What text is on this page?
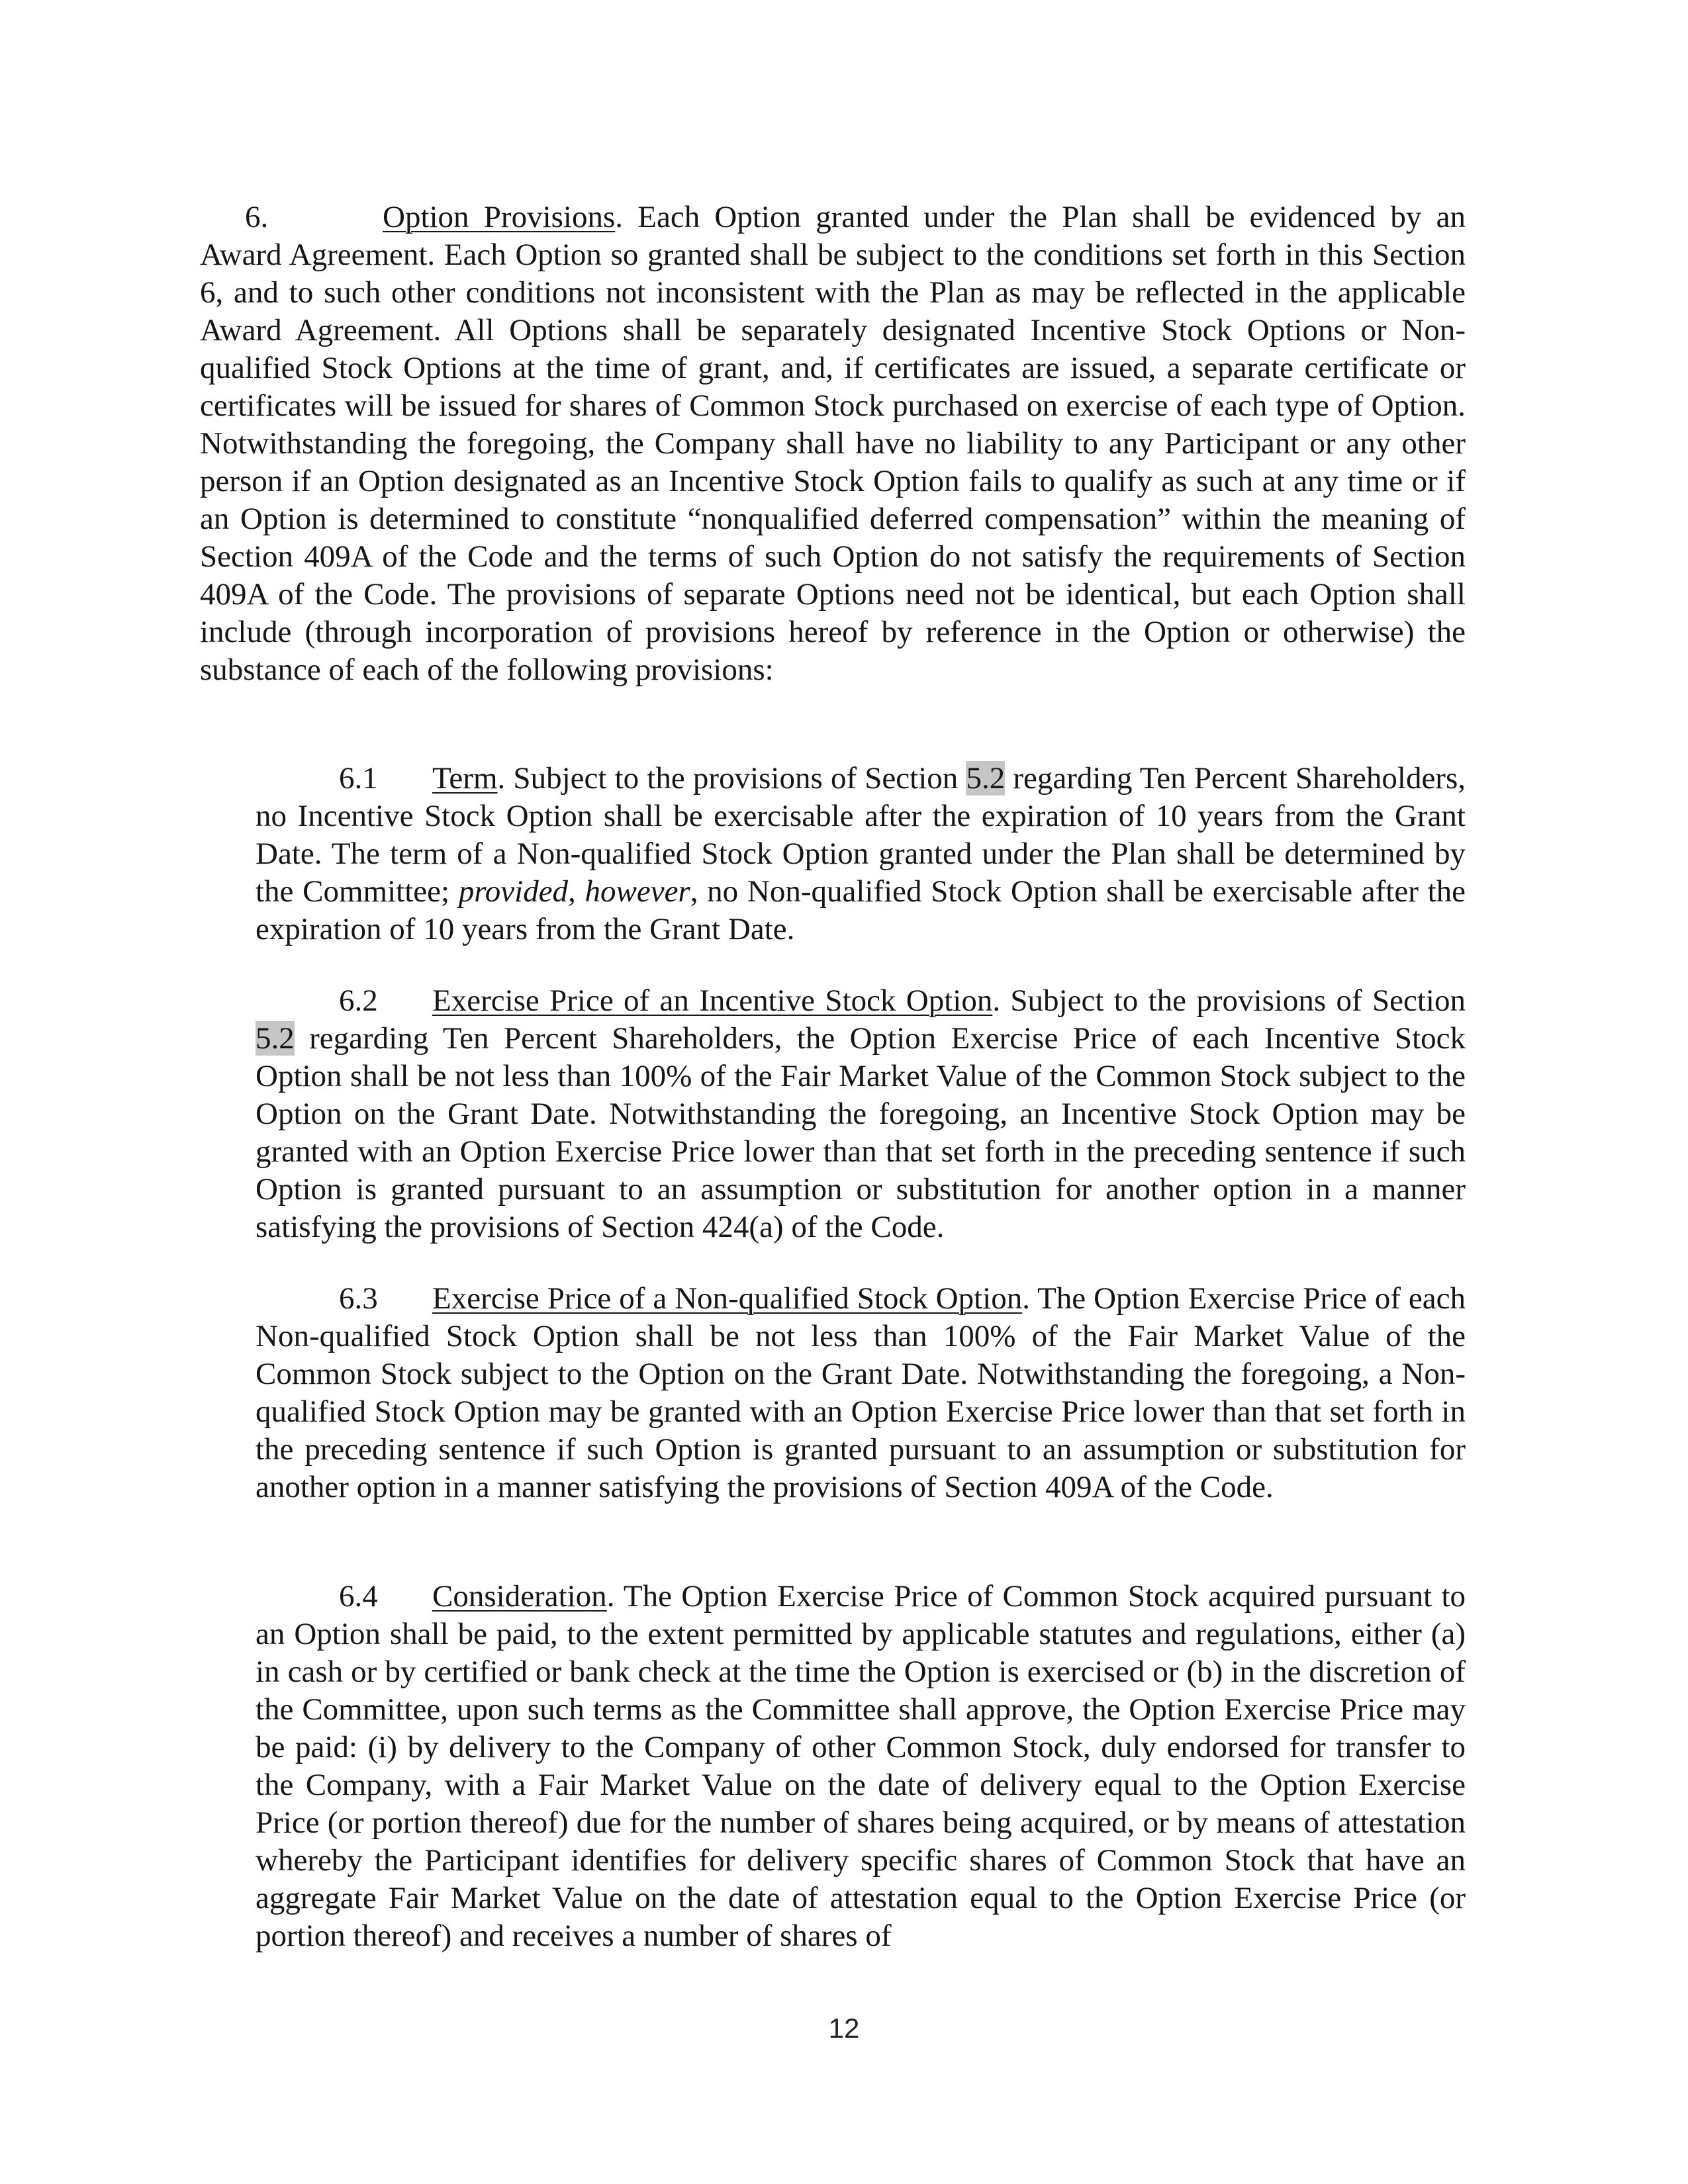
6.	Option Provisions. Each Option granted under the Plan shall be evidenced by an Award Agreement. Each Option so granted shall be subject to the conditions set forth in this Section 6, and to such other conditions not inconsistent with the Plan as may be reflected in the applicable Award Agreement. All Options shall be separately designated Incentive Stock Options or Non-qualified Stock Options at the time of grant, and, if certificates are issued, a separate certificate or certificates will be issued for shares of Common Stock purchased on exercise of each type of Option. Notwithstanding the foregoing, the Company shall have no liability to any Participant or any other person if an Option designated as an Incentive Stock Option fails to qualify as such at any time or if an Option is determined to constitute “nonqualified deferred compensation” within the meaning of Section 409A of the Code and the terms of such Option do not satisfy the requirements of Section 409A of the Code. The provisions of separate Options need not be identical, but each Option shall include (through incorporation of provisions hereof by reference in the Option or otherwise) the substance of each of the following provisions:

6.1 Term. Subject to the provisions of Section 5.2 regarding Ten Percent Shareholders, no Incentive Stock Option shall be exercisable after the expiration of 10 years from the Grant Date. The term of a Non-qualified Stock Option granted under the Plan shall be determined by the Committee; provided, however, no Non-qualified Stock Option shall be exercisable after the expiration of 10 years from the Grant Date.

6.2 Exercise Price of an Incentive Stock Option. Subject to the provisions of Section 5.2 regarding Ten Percent Shareholders, the Option Exercise Price of each Incentive Stock Option shall be not less than 100% of the Fair Market Value of the Common Stock subject to the Option on the Grant Date. Notwithstanding the foregoing, an Incentive Stock Option may be granted with an Option Exercise Price lower than that set forth in the preceding sentence if such Option is granted pursuant to an assumption or substitution for another option in a manner satisfying the provisions of Section 424(a) of the Code.

6.3 Exercise Price of a Non-qualified Stock Option. The Option Exercise Price of each Non-qualified Stock Option shall be not less than 100% of the Fair Market Value of the Common Stock subject to the Option on the Grant Date. Notwithstanding the foregoing, a Non-qualified Stock Option may be granted with an Option Exercise Price lower than that set forth in the preceding sentence if such Option is granted pursuant to an assumption or substitution for another option in a manner satisfying the provisions of Section 409A of the Code.

6.4 Consideration. The Option Exercise Price of Common Stock acquired pursuant to an Option shall be paid, to the extent permitted by applicable statutes and regulations, either (a) in cash or by certified or bank check at the time the Option is exercised or (b) in the discretion of the Committee, upon such terms as the Committee shall approve, the Option Exercise Price may be paid: (i) by delivery to the Company of other Common Stock, duly endorsed for transfer to the Company, with a Fair Market Value on the date of delivery equal to the Option Exercise Price (or portion thereof) due for the number of shares being acquired, or by means of attestation whereby the Participant identifies for delivery specific shares of Common Stock that have an aggregate Fair Market Value on the date of attestation equal to the Option Exercise Price (or portion thereof) and receives a number of shares of

12
